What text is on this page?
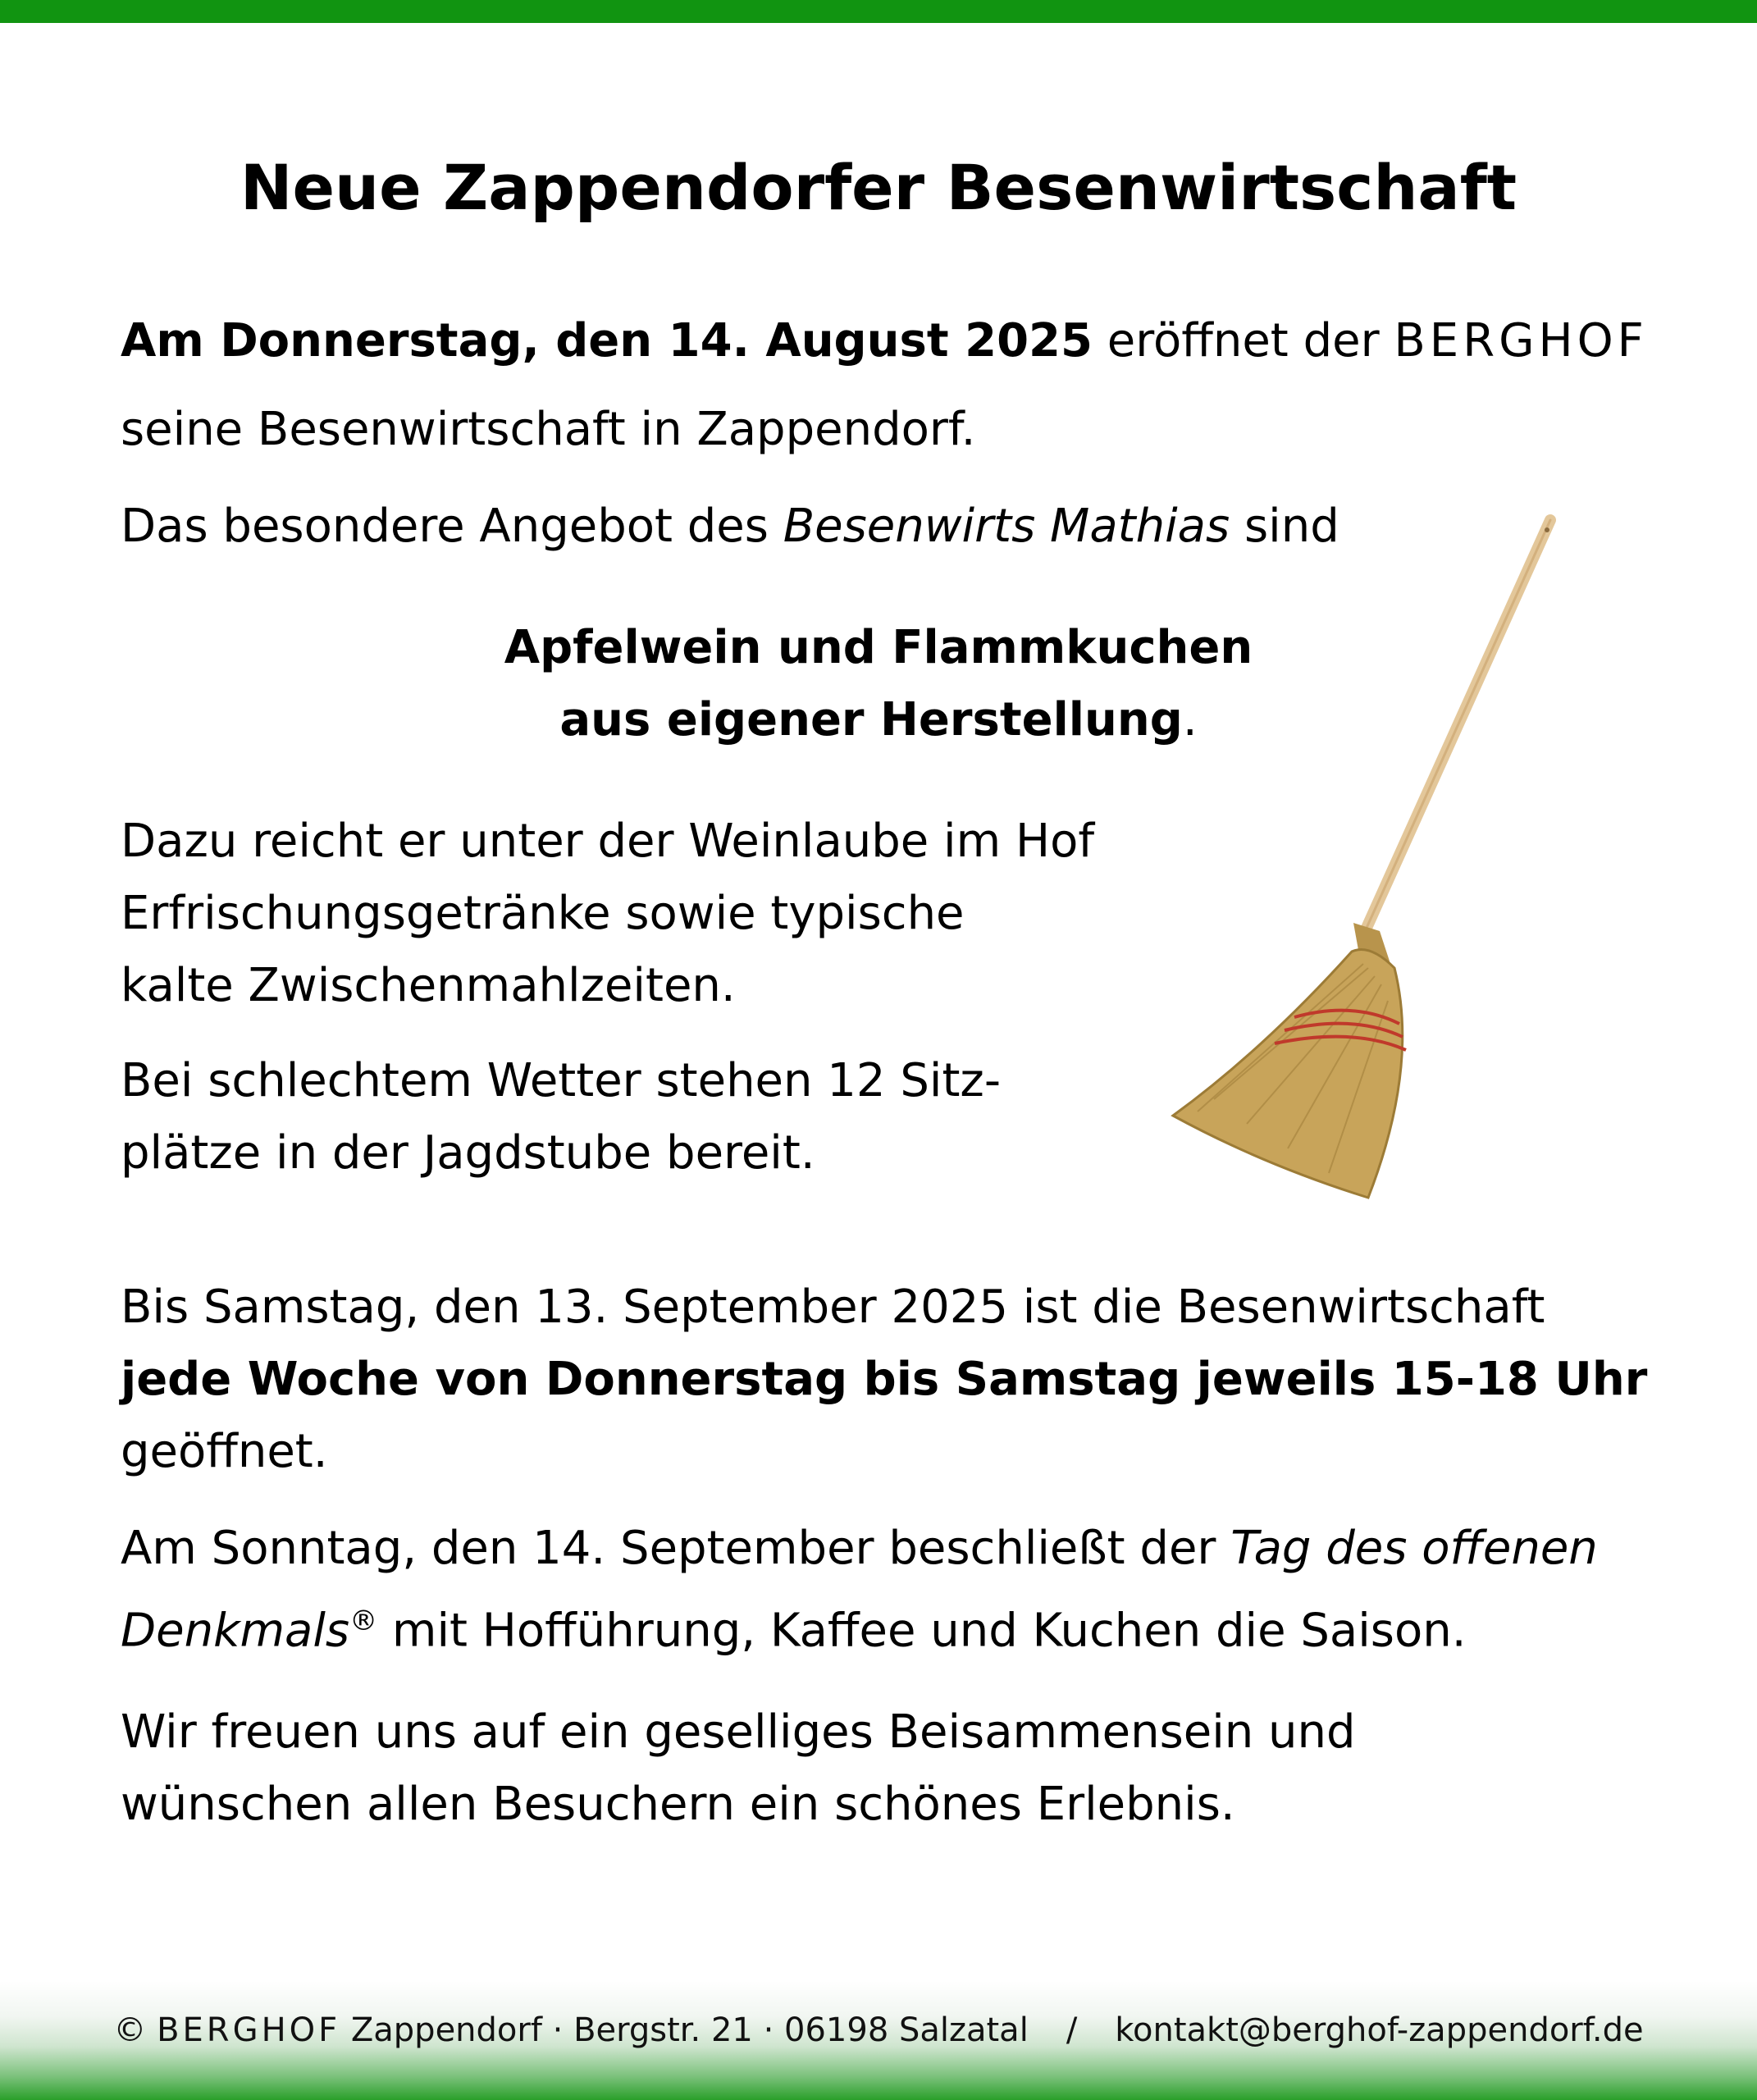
Neue Zappendorfer Besenwirtschaft

Am Donnerstag, den 14. August 2025 eröffnet der BERGHOF

seine Besenwirtschaft in Zappendorf.

Das besondere Angebot des Besenwirts Mathias sind

Apfelwein und Flammkuchen
aus eigener Herstellung.

Dazu reicht er unter der Weinlaube im Hof

Erfrischungsgetränke sowie typische

kalte Zwischenmahlzeiten.

Bei schlechtem Wetter stehen 12 Sitz-

plätze in der Jagdstube bereit.

Bis Samstag, den 13. September 2025 ist die Besenwirtschaft

jede Woche von Donnerstag bis Samstag jeweils 15-18 Uhr

geöffnet.

Am Sonntag, den 14. September beschließt der Tag des offenen

Denkmals® mit Hofführung, Kaffee und Kuchen die Saison.

Wir freuen uns auf ein geselliges Beisammensein und

wünschen allen Besuchern ein schönes Erlebnis.

© BERGHOF Zappendorf · Bergstr. 21 · 06198 Salzatal / kontakt@berghof-zappendorf.de
